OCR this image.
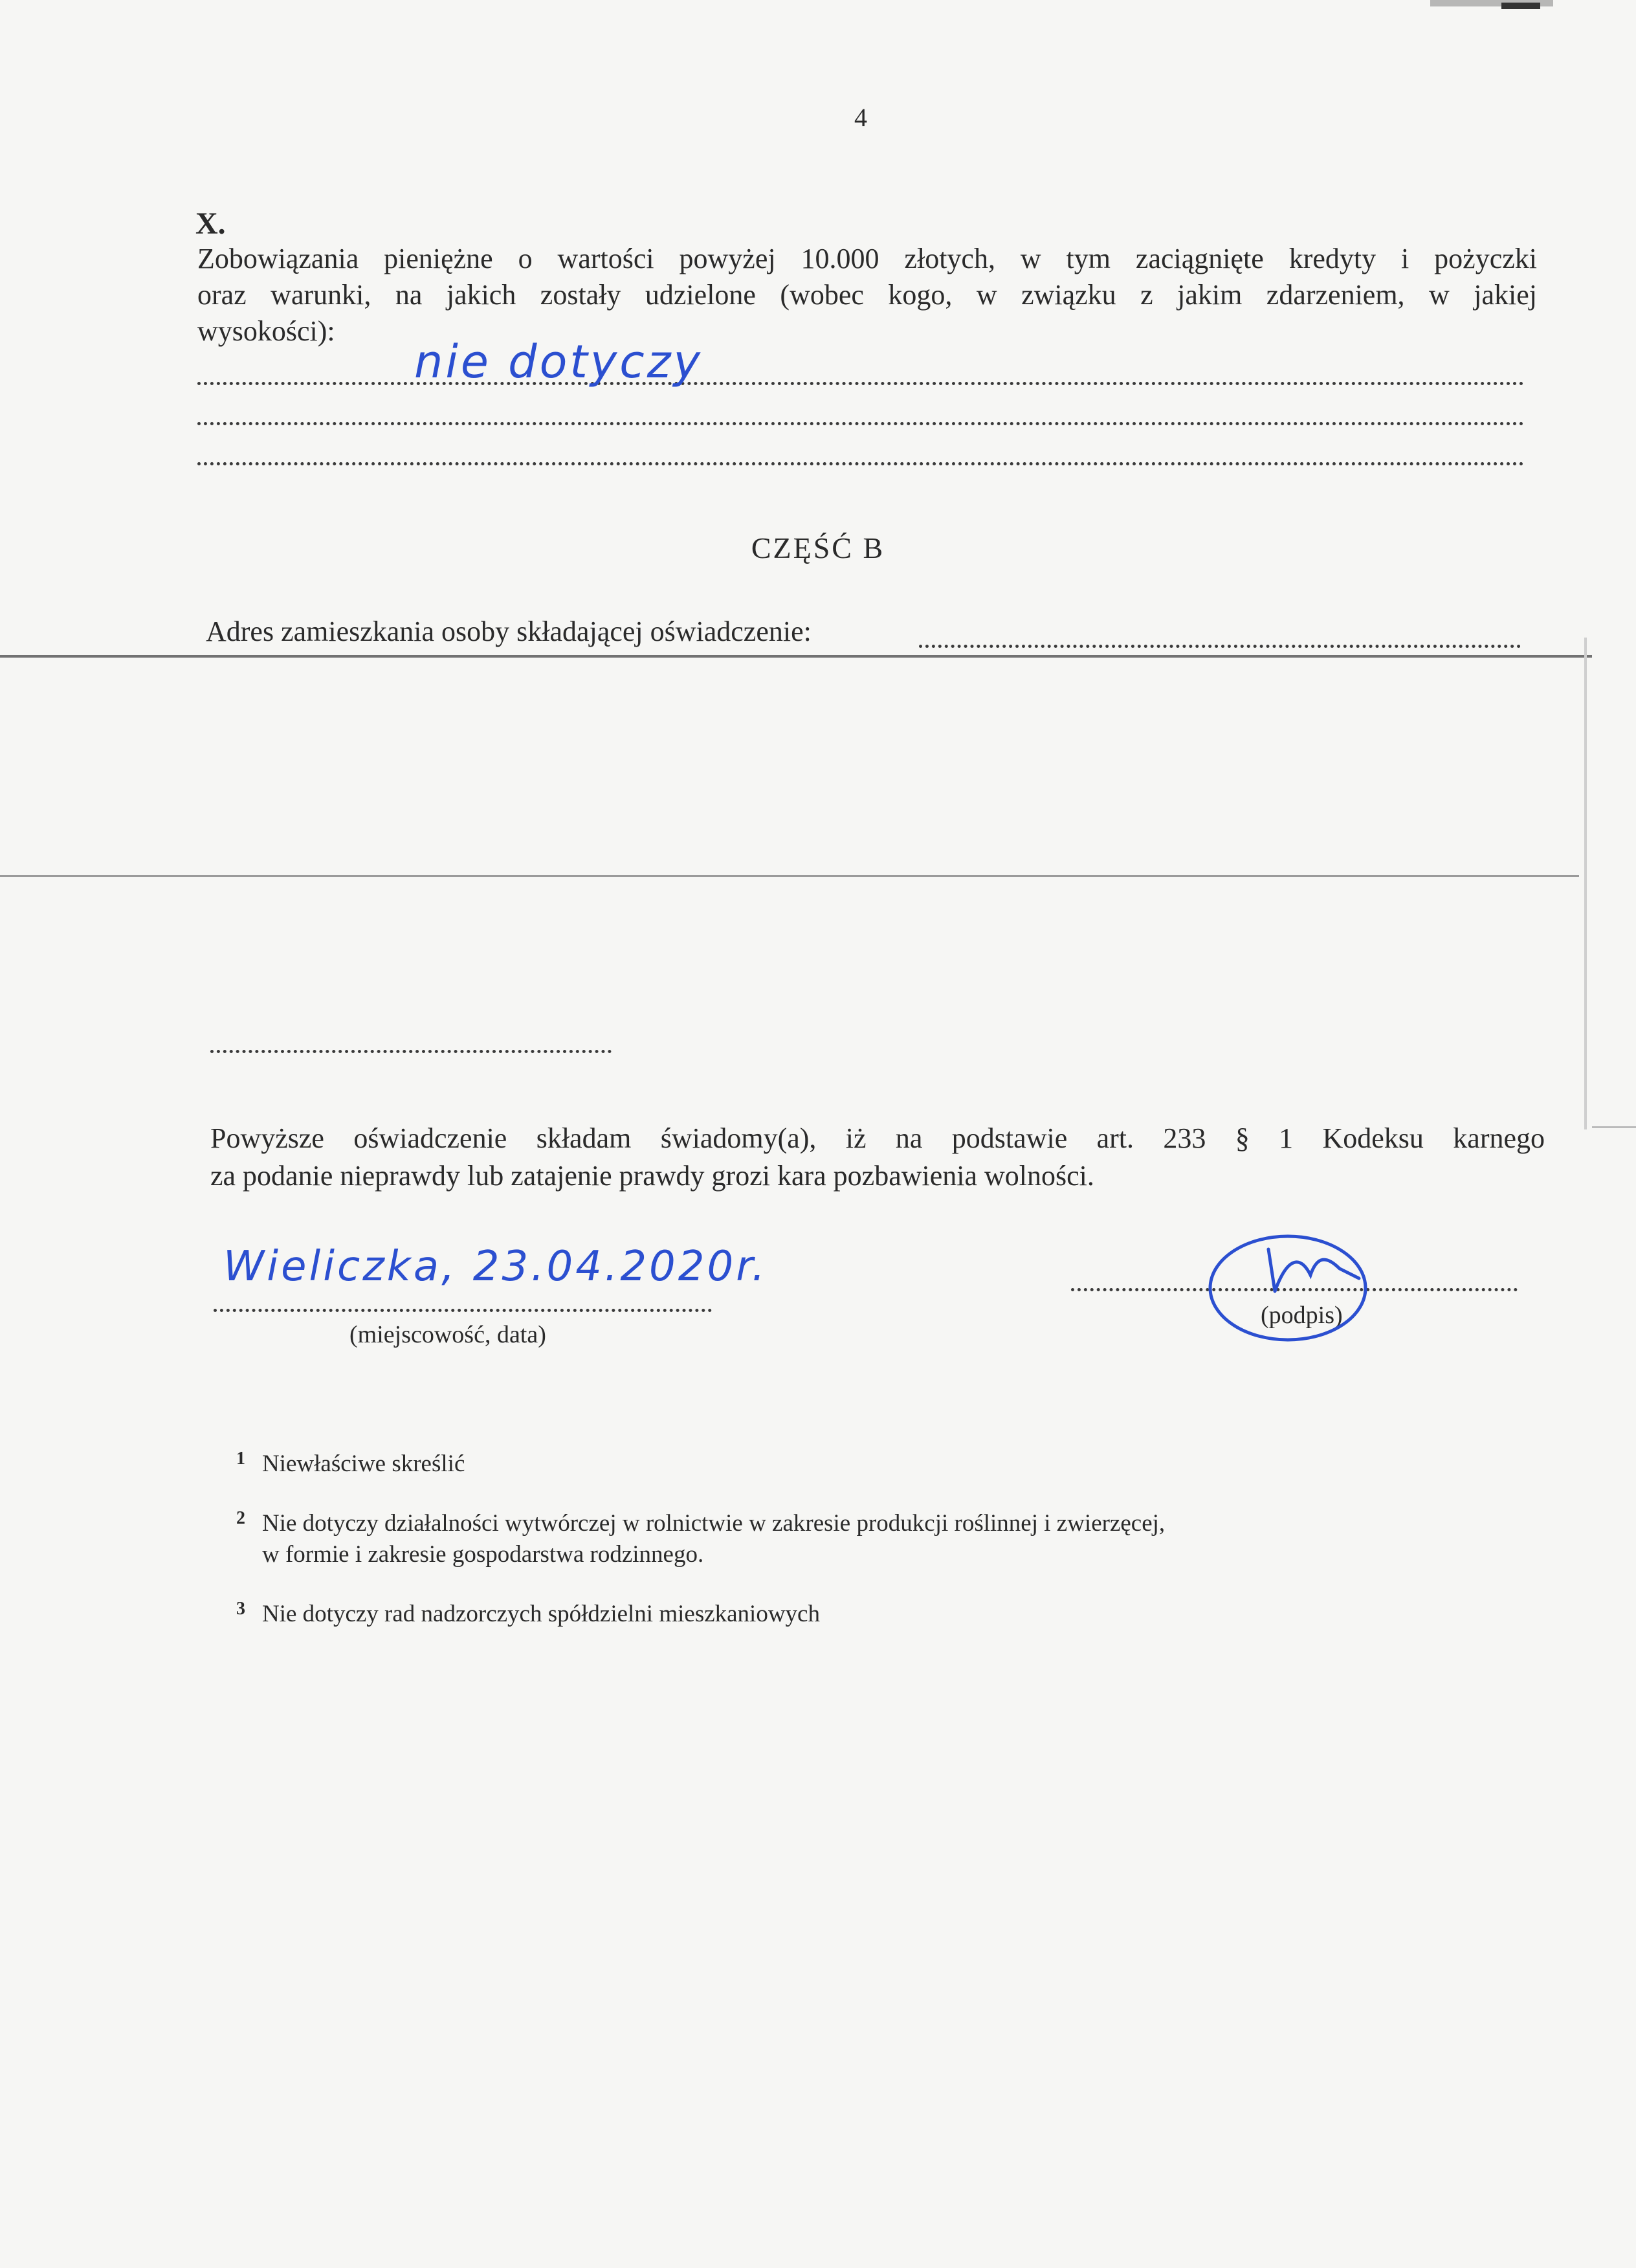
4
X.
Zobowiązania pieniężne o wartości powyżej 10.000 złotych, w tym zaciągnięte kredyty i pożyczki
oraz warunki, na jakich zostały udzielone (wobec kogo, w związku z jakim zdarzeniem, w jakiej
wysokości):
nie dotyczy
CZĘŚĆ B
Adres zamieszkania osoby składającej oświadczenie:
Powyższe oświadczenie składam świadomy(a), iż na podstawie art. 233 § 1 Kodeksu karnego
za podanie nieprawdy lub zatajenie prawdy grozi kara pozbawienia wolności.
Wieliczka, 23.04.2020r.
(miejscowość, data)
(podpis)
1 Niewłaściwe skreślić
2 Nie dotyczy działalności wytwórczej w rolnictwie w zakresie produkcji roślinnej i zwierzęcej,
w formie i zakresie gospodarstwa rodzinnego.
3 Nie dotyczy rad nadzorczych spółdzielni mieszkaniowych
